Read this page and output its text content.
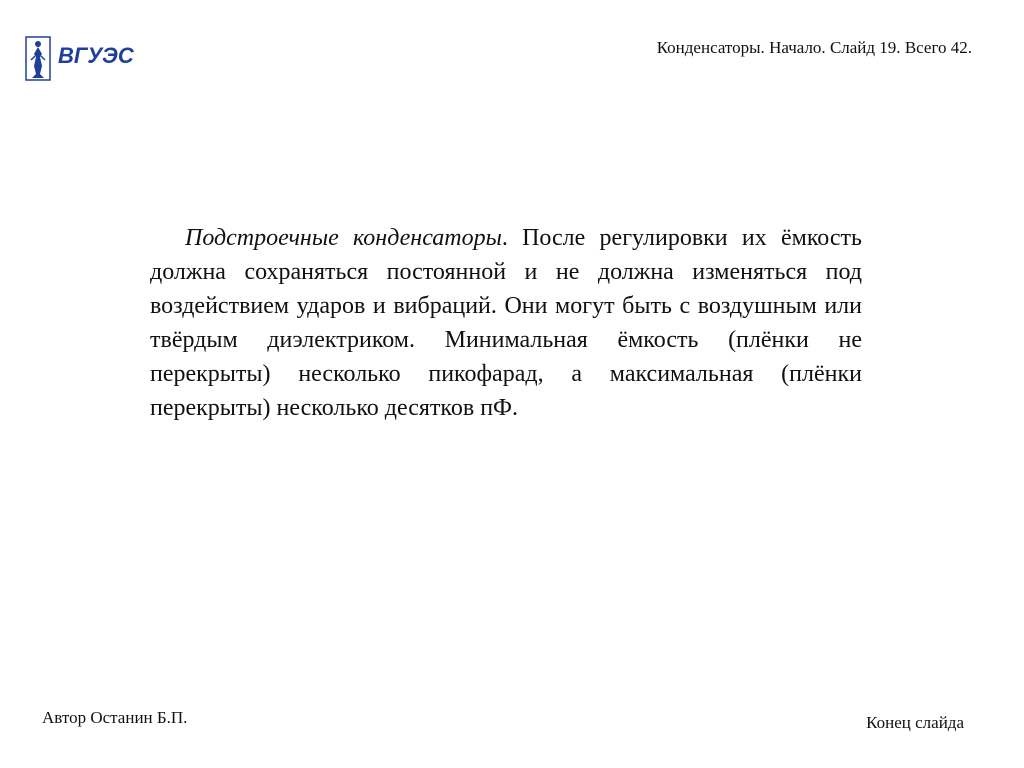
ВГУЭС	Конденсаторы. Начало. Слайд 19. Всего 42.
Подстроечные конденсаторы. После регулировки их ёмкость должна сохраняться постоянной и не должна изменяться под воздействием ударов и вибраций. Они могут быть с воздушным или твёрдым диэлектриком. Минимальная ёмкость (плёнки не перекрыты) несколько пикофарад, а максимальная (плёнки перекрыты) несколько десятков пФ.
Автор Останин Б.П.	Конец слайда
